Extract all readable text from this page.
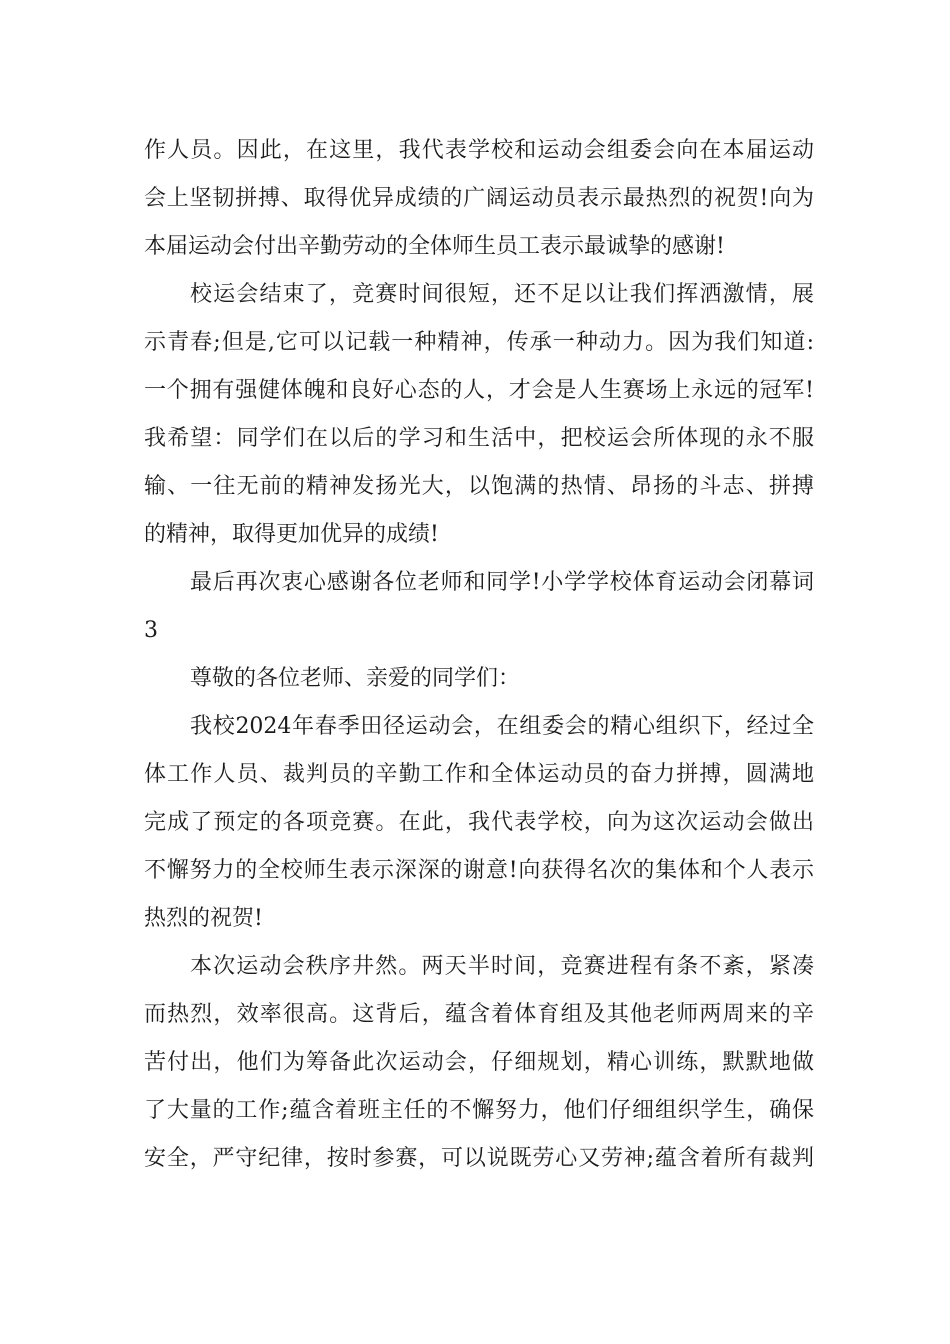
作人员。因此，在这里，我代表学校和运动会组委会向在本届运动
会上坚韧拼搏、取得优异成绩的广阔运动员表示最热烈的祝贺!向为
本届运动会付出辛勤劳动的全体师生员工表示最诚挚的感谢!
校运会结束了，竞赛时间很短，还不足以让我们挥洒激情，展
示青春;但是,它可以记载一种精神，传承一种动力。因为我们知道:
一个拥有强健体魄和良好心态的人，才会是人生赛场上永远的冠军!
我希望：同学们在以后的学习和生活中，把校运会所体现的永不服
输、一往无前的精神发扬光大，以饱满的热情、昂扬的斗志、拼搏
的精神，取得更加优异的成绩!
最后再次衷心感谢各位老师和同学!小学学校体育运动会闭幕词
3
尊敬的各位老师、亲爱的同学们：
我校2024年春季田径运动会，在组委会的精心组织下，经过全
体工作人员、裁判员的辛勤工作和全体运动员的奋力拼搏，圆满地
完成了预定的各项竞赛。在此，我代表学校，向为这次运动会做出
不懈努力的全校师生表示深深的谢意!向获得名次的集体和个人表示
热烈的祝贺!
本次运动会秩序井然。两天半时间，竞赛进程有条不紊，紧凑
而热烈，效率很高。这背后，蕴含着体育组及其他老师两周来的辛
苦付出，他们为筹备此次运动会，仔细规划，精心训练，默默地做
了大量的工作;蕴含着班主任的不懈努力，他们仔细组织学生，确保
安全，严守纪律，按时参赛，可以说既劳心又劳神;蕴含着所有裁判
